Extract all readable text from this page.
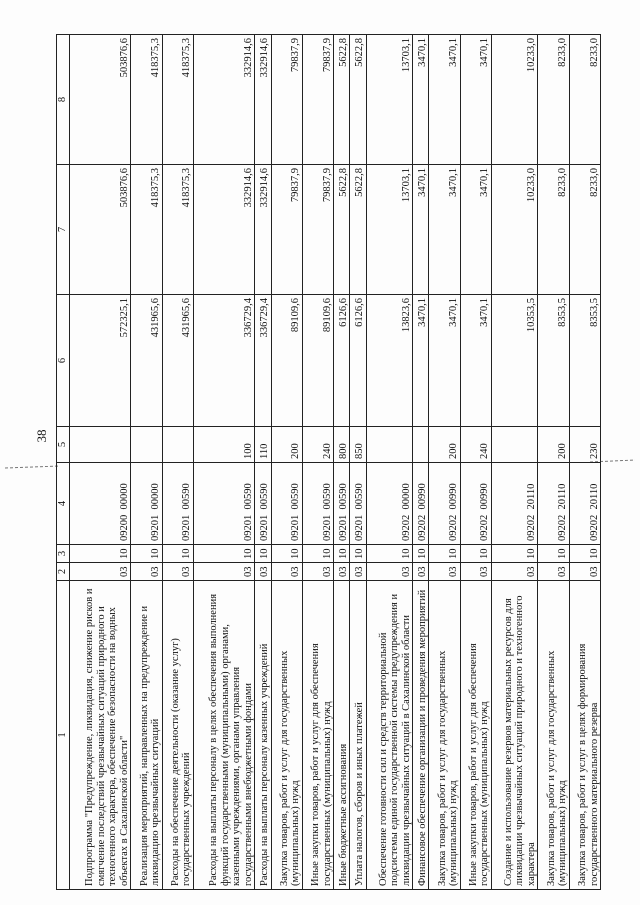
38
1	2	3	4	5	6	7	8
Подпрограмма "Предупреждение, ликвидация, снижение рисков и смягчение последствий чрезвычайных ситуаций природного и техногенного характера, обеспечение безопасности на водных объектах в Сахалинской области"	03	10	09200  00000		572325,1	503876,6	503876,6
Реализация мероприятий, направленных на предупреждение и ликвидацию чрезвычайных ситуаций	03	10	09201  00000		431965,6	418375,3	418375,3
Расходы на обеспечение деятельности (оказание услуг) государственных учреждений	03	10	09201  00590		431965,6	418375,3	418375,3
Расходы на выплаты персоналу в целях обеспечения выполнения функций государственными (муниципальными) органами, казенными учреждениями, органами управления государственными внебюджетными фондами	03	10	09201  00590	100	336729,4	332914,6	332914,6
Расходы на выплаты персоналу казенных учреждений	03	10	09201  00590	110	336729,4	332914,6	332914,6
Закупка товаров, работ и услуг для государственных (муниципальных) нужд	03	10	09201  00590	200	89109,6	79837,9	79837,9
Иные закупки товаров, работ и услуг для обеспечения государственных (муниципальных) нужд	03	10	09201  00590	240	89109,6	79837,9	79837,9
Иные бюджетные ассигнования	03	10	09201  00590	800	6126,6	5622,8	5622,8
Уплата налогов, сборов и иных платежей	03	10	09201  00590	850	6126,6	5622,8	5622,8
Обеспечение готовности сил и средств территориальной подсистемы единой государственной системы предупреждения и ликвидации чрезвычайных ситуаций в Сахалинской области	03	10	09202  00000		13823,6	13703,1	13703,1
Финансовое обеспечение организации и проведения мероприятий	03	10	09202  00990		3470,1	3470,1	3470,1
Закупка товаров, работ и услуг для государственных (муниципальных) нужд	03	10	09202  00990	200	3470,1	3470,1	3470,1
Иные закупки товаров, работ и услуг для обеспечения государственных (муниципальных) нужд	03	10	09202  00990	240	3470,1	3470,1	3470,1
Создание и использование резервов материальных ресурсов для ликвидации чрезвычайных ситуаций природного и техногенного характера	03	10	09202  20110		10353,5	10233,0	10233,0
Закупка товаров, работ и услуг для государственных (муниципальных) нужд	03	10	09202  20110	200	8353,5	8233,0	8233,0
Закупка товаров, работ и услуг в целях формирования государственного материального резерва	03	10	09202  20110	230	8353,5	8233,0	8233,0
